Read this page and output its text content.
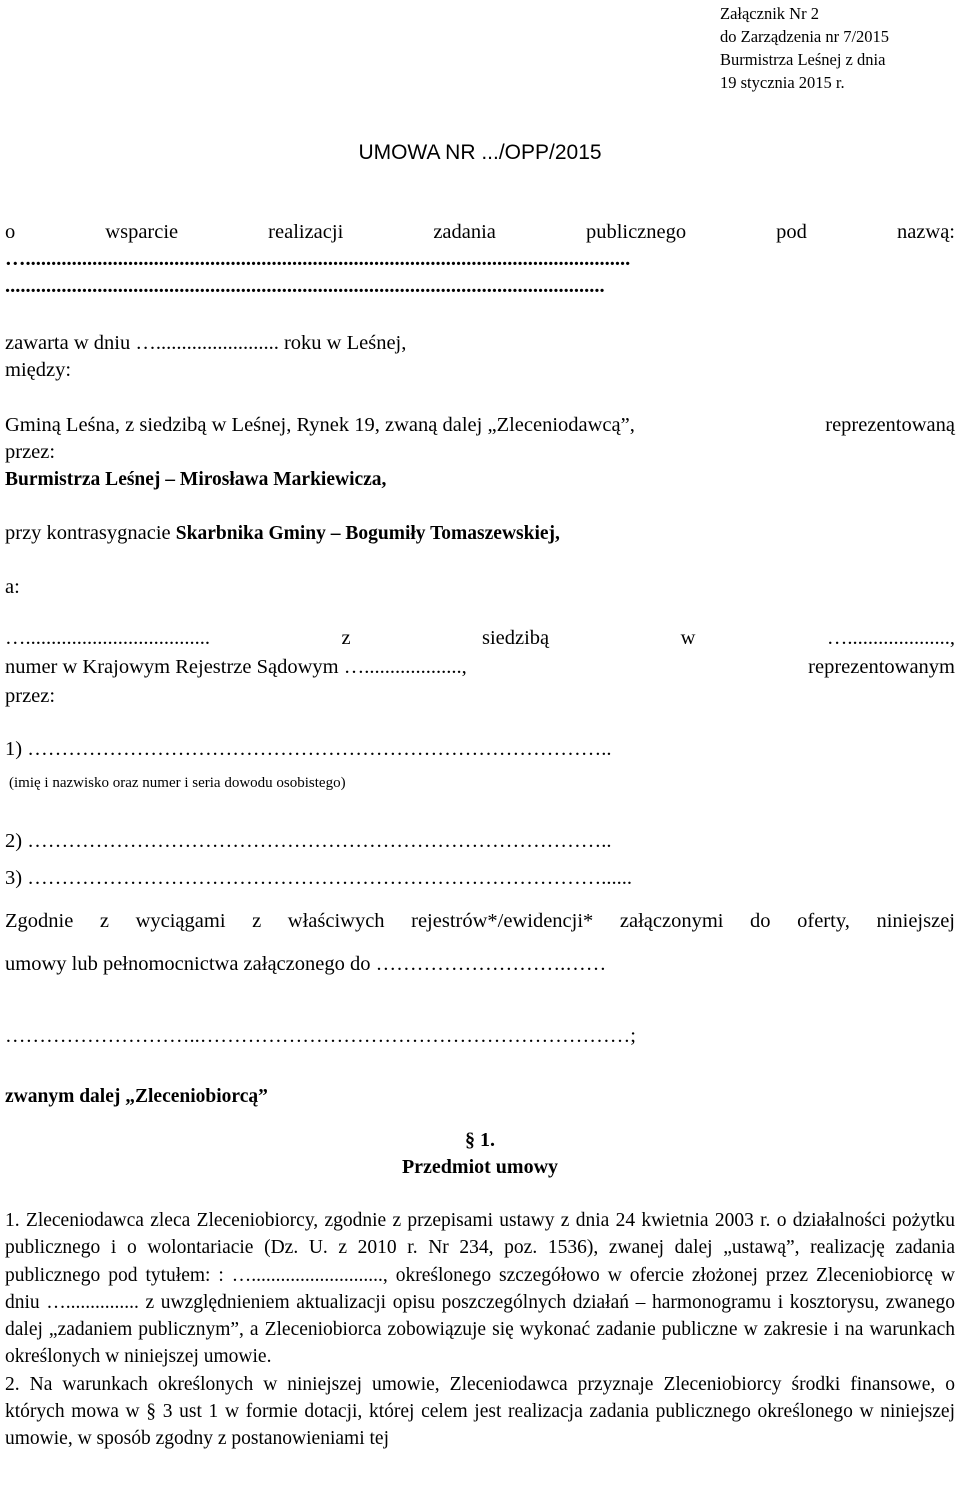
Załącznik Nr 2
do Zarządzenia nr 7/2015
Burmistrza Leśnej z dnia
19 stycznia 2015 r.
UMOWA NR .../OPP/2015
o	wsparcie	realizacji	zadania	publicznego	pod	nazwą:
…......................................................................................................................
.....................................................................................................................
zawarta w dniu …........................ roku w Leśnej,
między:
Gminą Leśna, z siedzibą w Leśnej, Rynek 19, zwaną dalej „Zleceniodawcą”,	reprezentowaną
przez:
Burmistrza Leśnej – Mirosława Markiewicza,
przy kontrasygnacie Skarbnika Gminy – Bogumiły Tomaszewskiej,
a:
…....................................	z	siedzibą	w	…....................,
numer w Krajowym Rejestrze Sądowym …...................,	reprezentowanym
przez:
1) …………………………………………………………………………..
(imię i nazwisko oraz numer i seria dowodu osobistego)
2) …………………………………………………………………………..
3) …………………………………………………………………………......
Zgodnie z wyciągami z właściwych rejestrów*/ewidencji* załączonymi do oferty, niniejszej
umowy lub pełnomocnictwa załączonego do ……………………….……
………………………..………………………………………………………;
zwanym dalej „Zleceniobiorcą”
§ 1.
Przedmiot umowy

1. Zleceniodawca zleca Zleceniobiorcy, zgodnie z przepisami ustawy z dnia 24 kwietnia 2003 r. o działalności pożytku publicznego i o wolontariacie (Dz. U. z 2010 r. Nr 234, poz. 1536), zwanej dalej „ustawą”, realizację zadania publicznego pod tytułem: : …..........................., określonego szczegółowo w ofercie złożonej przez Zleceniobiorcę w dniu …............... z uwzględnieniem aktualizacji opisu poszczególnych działań – harmonogramu i kosztorysu, zwanego dalej „zadaniem publicznym”, a Zleceniobiorca zobowiązuje się wykonać zadanie publiczne w zakresie i na warunkach określonych w niniejszej umowie.

2. Na warunkach określonych w niniejszej umowie, Zleceniodawca przyznaje Zleceniobiorcy środki finansowe, o których mowa w § 3 ust 1 w formie dotacji, której celem jest realizacja zadania publicznego określonego w niniejszej umowie, w sposób zgodny z postanowieniami tej
